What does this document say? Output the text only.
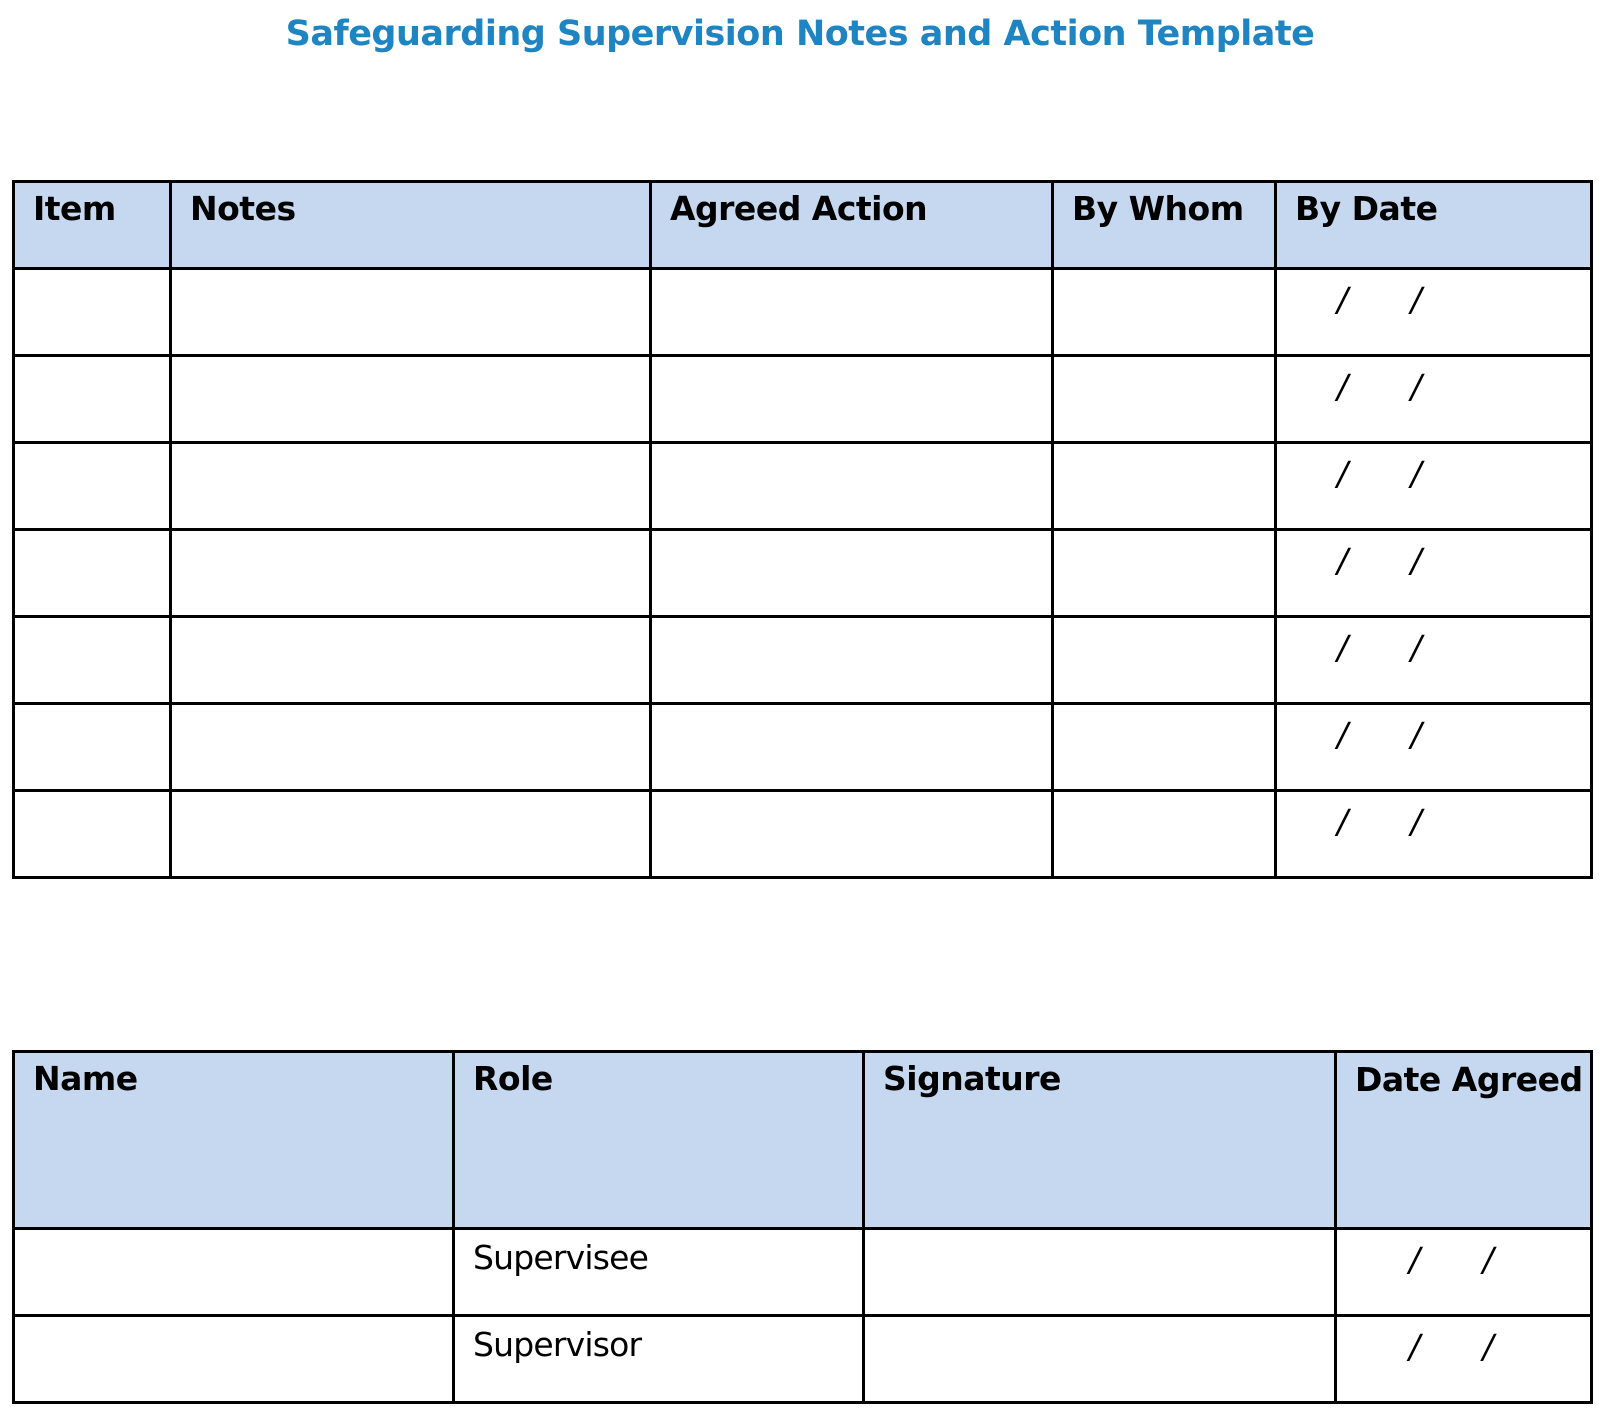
Safeguarding Supervision Notes and Action Template
Item	Notes	Agreed Action	By Whom	By Date

				/ /

				/ /

				/ /

				/ /

				/ /

				/ /

				/ /
Name	Role	Signature	Date Agreed

	Supervisee		/ /

	Supervisor		/ /
